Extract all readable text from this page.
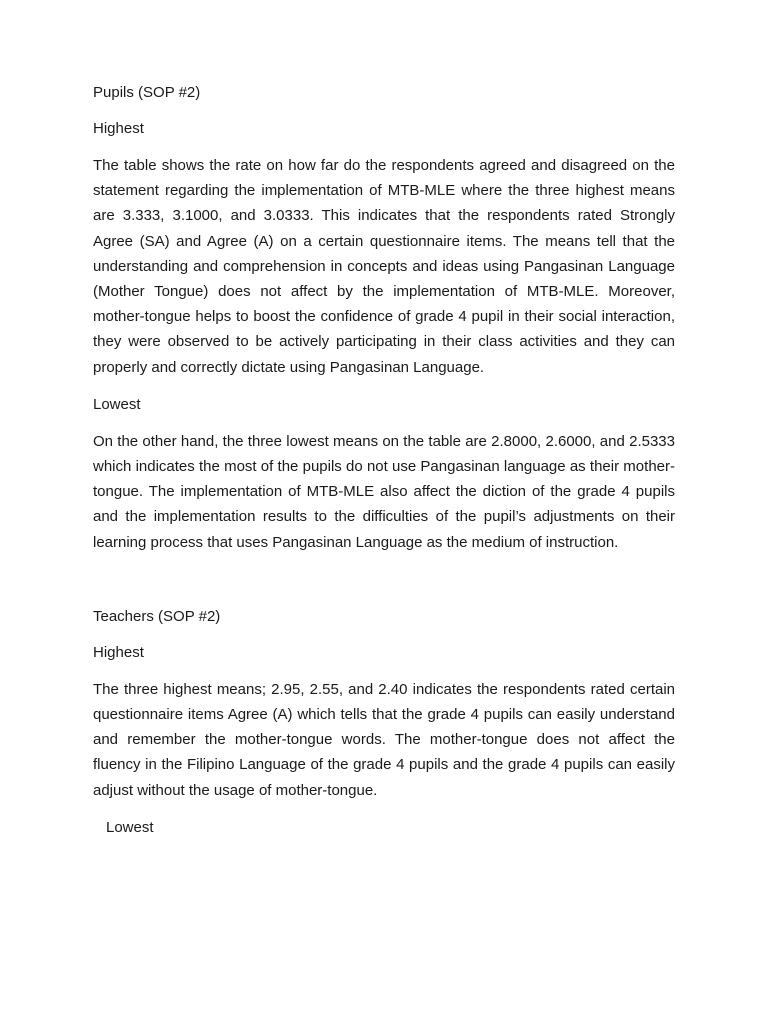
Pupils (SOP #2)

Highest

The table shows the rate on how far do the respondents agreed and disagreed on the statement regarding the implementation of MTB-MLE where the three highest means are 3.333, 3.1000, and 3.0333. This indicates that the respondents rated Strongly Agree (SA) and Agree (A) on a certain questionnaire items. The means tell that the understanding and comprehension in concepts and ideas using Pangasinan Language (Mother Tongue) does not affect by the implementation of MTB-MLE. Moreover, mother-tongue helps to boost the confidence of grade 4 pupil in their social interaction, they were observed to be actively participating in their class activities and they can properly and correctly dictate using Pangasinan Language.

Lowest

On the other hand, the three lowest means on the table are 2.8000, 2.6000, and 2.5333 which indicates the most of the pupils do not use Pangasinan language as their mother-tongue. The implementation of MTB-MLE also affect the diction of the grade 4 pupils and the implementation results to the difficulties of the pupil’s adjustments on their learning process that uses Pangasinan Language as the medium of instruction.

Teachers (SOP #2)

Highest

The three highest means; 2.95, 2.55, and 2.40 indicates the respondents rated certain questionnaire items Agree (A) which tells that the grade 4 pupils can easily understand and remember the mother-tongue words. The mother-tongue does not affect the fluency in the Filipino Language of the grade 4 pupils and the grade 4 pupils can easily adjust without the usage of mother-tongue.

Lowest
